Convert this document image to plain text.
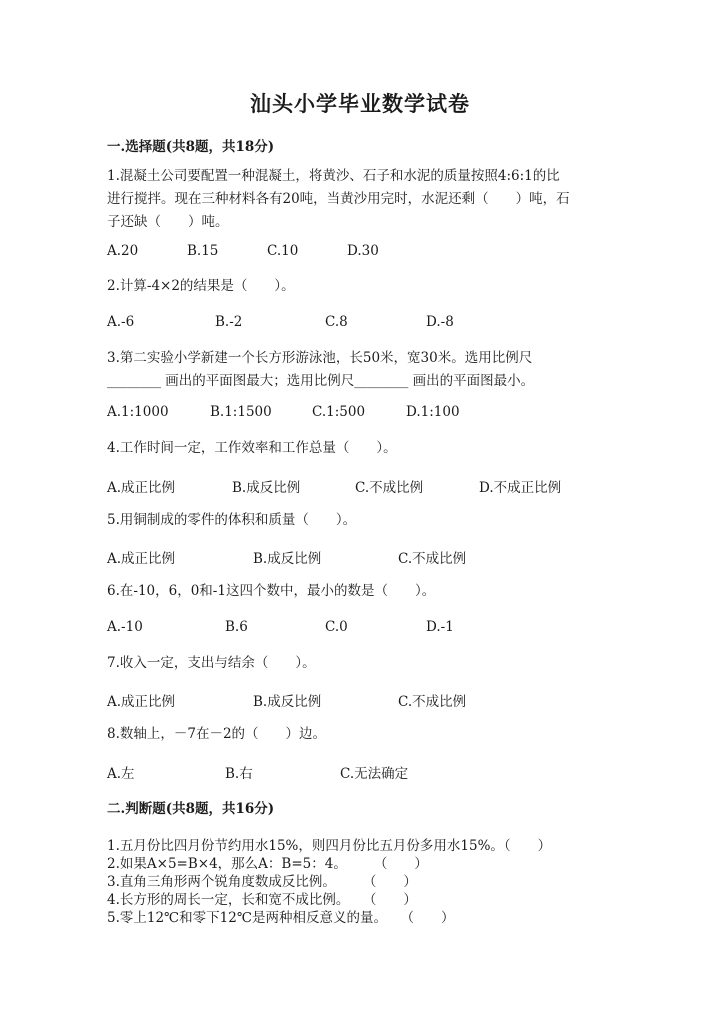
汕头小学毕业数学试卷
一.选择题(共8题，共18分)
1.混凝土公司要配置一种混凝土，将黄沙、石子和水泥的质量按照4:6:1的比
进行搅拌。现在三种材料各有20吨，当黄沙用完时，水泥还剩（　　）吨，石
子还缺（　　）吨。
A.20	B.15	C.10	D.30
2.计算-4×2的结果是（　　）。
A.-6	B.-2	C.8	D.-8
3.第二实验小学新建一个长方形游泳池，长50米，宽30米。选用比例尺
________ 画出的平面图最大；选用比例尺________ 画出的平面图最小。
A.1:1000	B.1:1500	C.1:500	D.1:100
4.工作时间一定，工作效率和工作总量（　　）。
A.成正比例	B.成反比例	C.不成比例	D.不成正比例
5.用铜制成的零件的体积和质量（　　）。
A.成正比例	B.成反比例	C.不成比例
6.在-10，6，0和-1这四个数中，最小的数是（　　）。
A.-10	B.6	C.0	D.-1
7.收入一定，支出与结余（　　）。
A.成正比例	B.成反比例	C.不成比例
8.数轴上，－7在－2的（　　）边。
A.左	B.右	C.无法确定
二.判断题(共8题，共16分)
1.五月份比四月份节约用水15%，则四月份比五月份多用水15%。（　　）
2.如果A×5=B×4，那么A：B=5：4。　　　（　　）
3.直角三角形两个锐角度数成反比例。　　　（　　）
4.长方形的周长一定，长和宽不成比例。　　（　　）
5.零上12℃和零下12℃是两种相反意义的量。　　（　　）
